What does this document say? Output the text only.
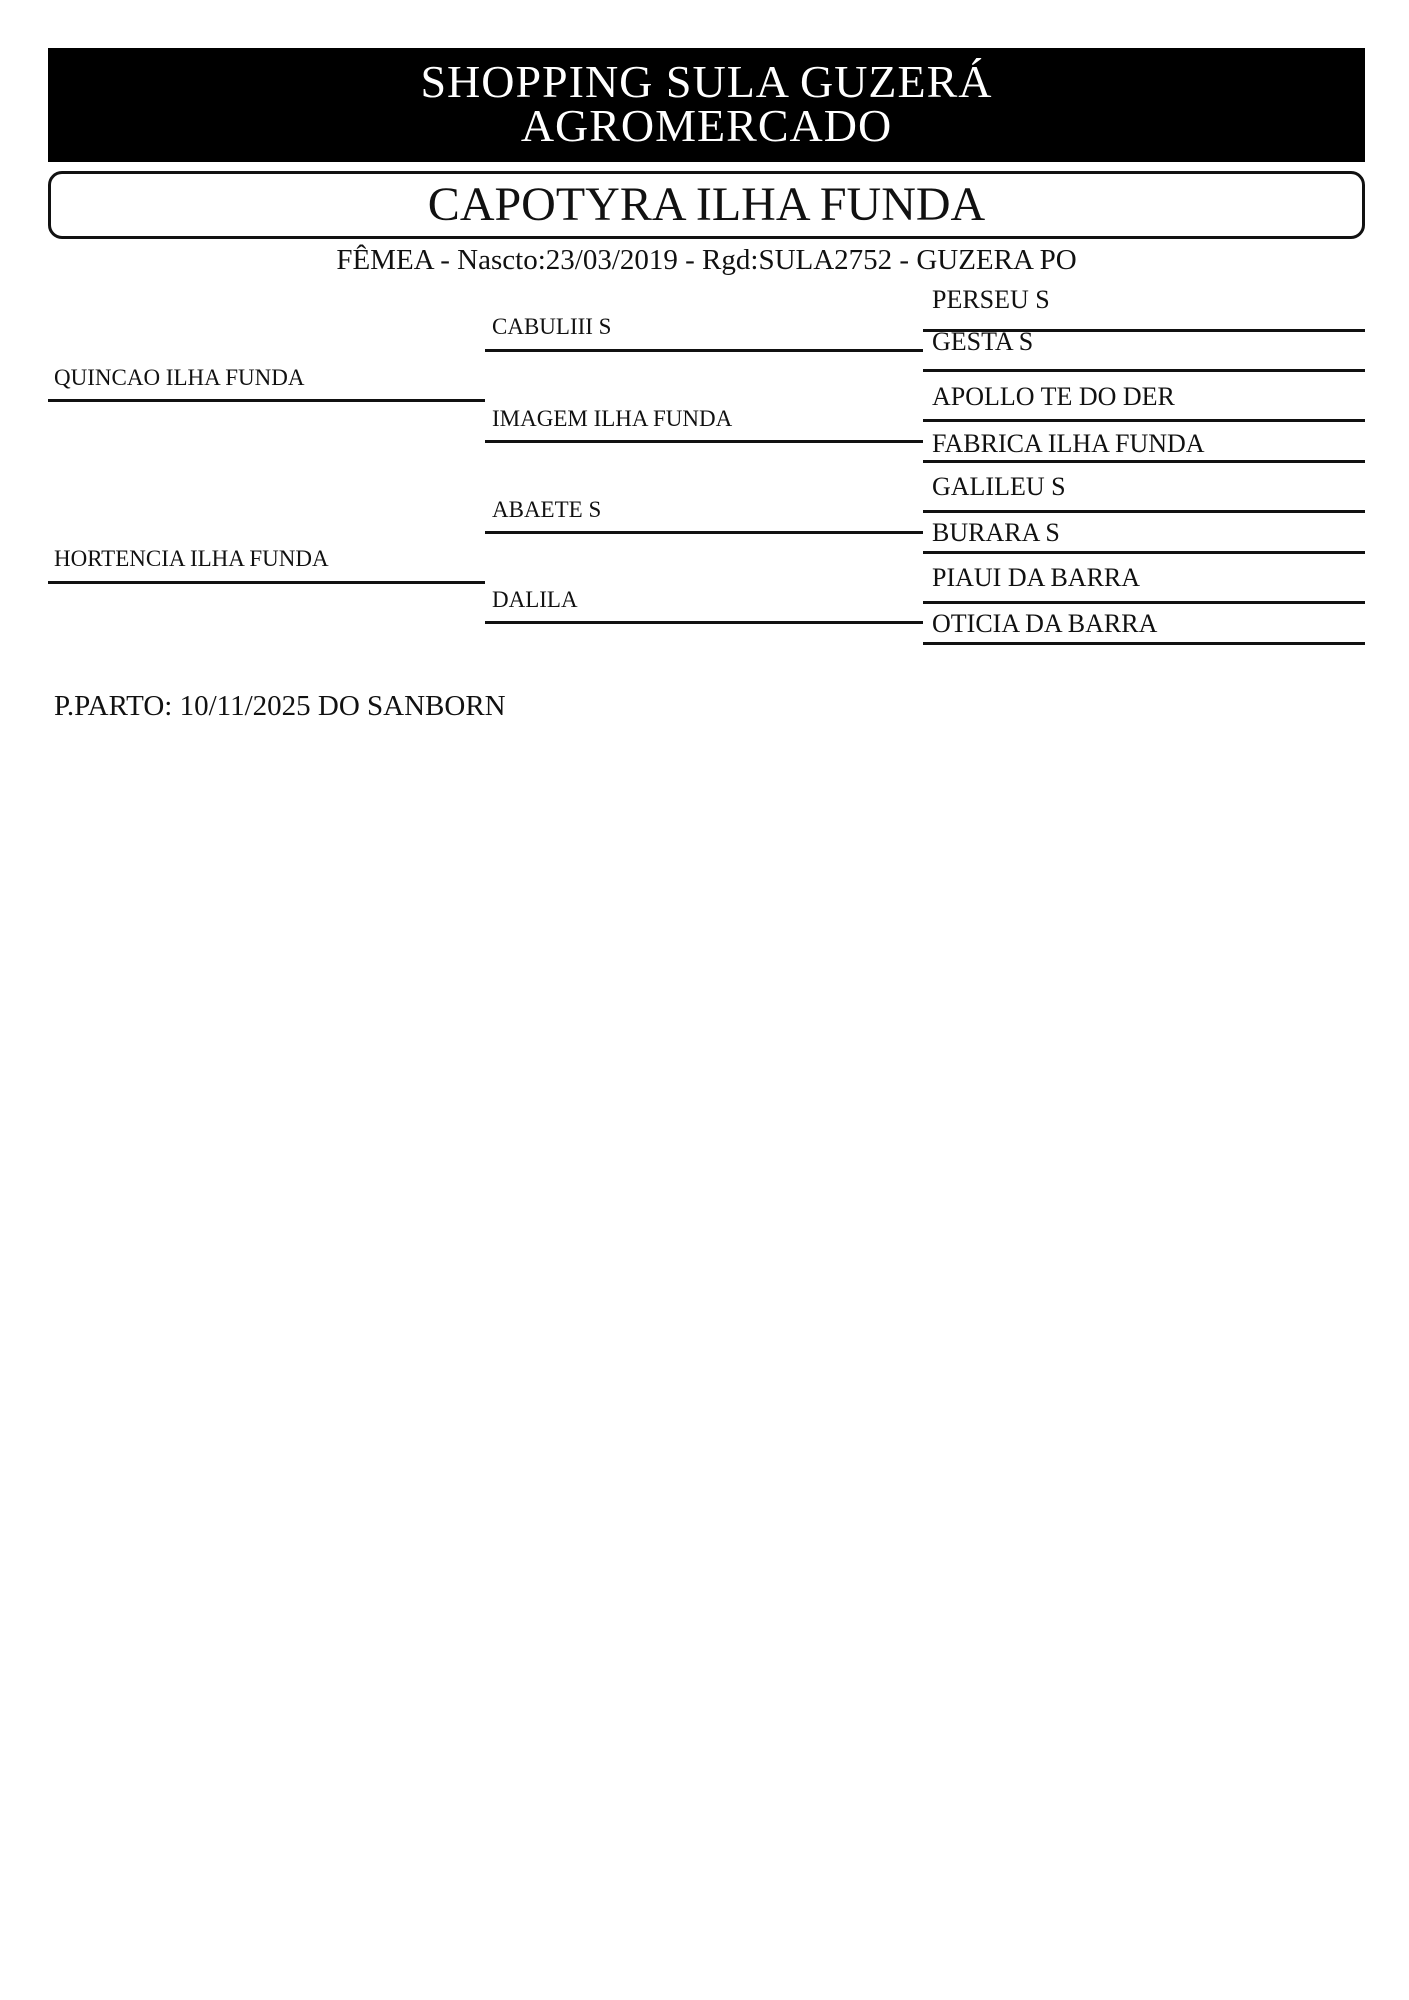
SHOPPING SULA GUZERÁ
AGROMERCADO
CAPOTYRA ILHA FUNDA
FÊMEA - Nascto:23/03/2019 - Rgd:SULA2752 - GUZERA PO
QUINCAO ILHA FUNDA
HORTENCIA ILHA FUNDA
CABULIII S
IMAGEM ILHA FUNDA
ABAETE S
DALILA
PERSEU S
GESTA S
APOLLO TE DO DER
FABRICA ILHA FUNDA
GALILEU S
BURARA S
PIAUI DA BARRA
OTICIA DA BARRA
P.PARTO: 10/11/2025 DO SANBORN
